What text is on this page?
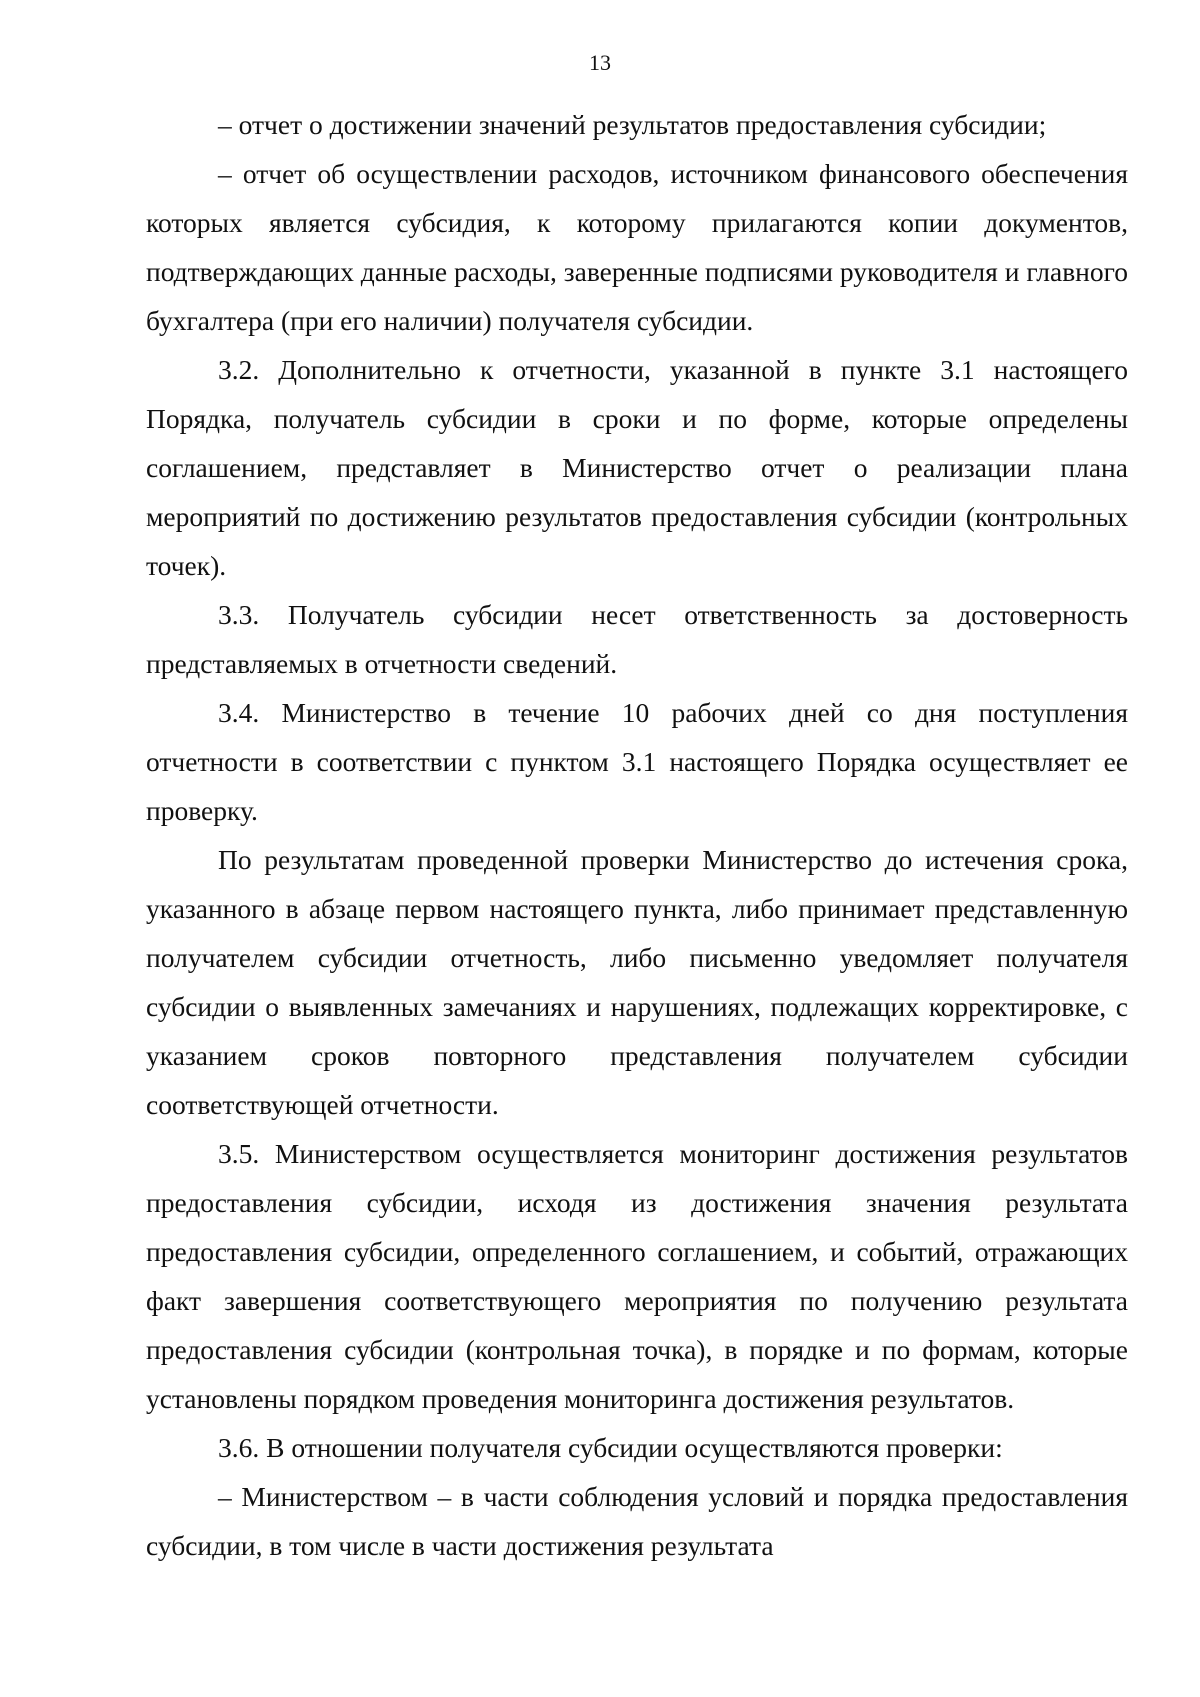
13

– отчет о достижении значений результатов предоставления субсидии;

– отчет об осуществлении расходов, источником финансового обеспечения которых является субсидия, к которому прилагаются копии документов, подтверждающих данные расходы, заверенные подписями руководителя и главного бухгалтера (при его наличии) получателя субсидии.

3.2. Дополнительно к отчетности, указанной в пункте 3.1 настоящего Порядка, получатель субсидии в сроки и по форме, которые определены соглашением, представляет в Министерство отчет о реализации плана мероприятий по достижению результатов предоставления субсидии (контрольных точек).

3.3. Получатель субсидии несет ответственность за достоверность представляемых в отчетности сведений.

3.4. Министерство в течение 10 рабочих дней со дня поступления отчетности в соответствии с пунктом 3.1 настоящего Порядка осуществляет ее проверку.

По результатам проведенной проверки Министерство до истечения срока, указанного в абзаце первом настоящего пункта, либо принимает представленную получателем субсидии отчетность, либо письменно уведомляет получателя субсидии о выявленных замечаниях и нарушениях, подлежащих корректировке, с указанием сроков повторного представления получателем субсидии соответствующей отчетности.

3.5. Министерством осуществляется мониторинг достижения результатов предоставления субсидии, исходя из достижения значения результата предоставления субсидии, определенного соглашением, и событий, отражающих факт завершения соответствующего мероприятия по получению результата предоставления субсидии (контрольная точка), в порядке и по формам, которые установлены порядком проведения мониторинга достижения результатов.

3.6. В отношении получателя субсидии осуществляются проверки:

– Министерством – в части соблюдения условий и порядка предоставления субсидии, в том числе в части достижения результата
